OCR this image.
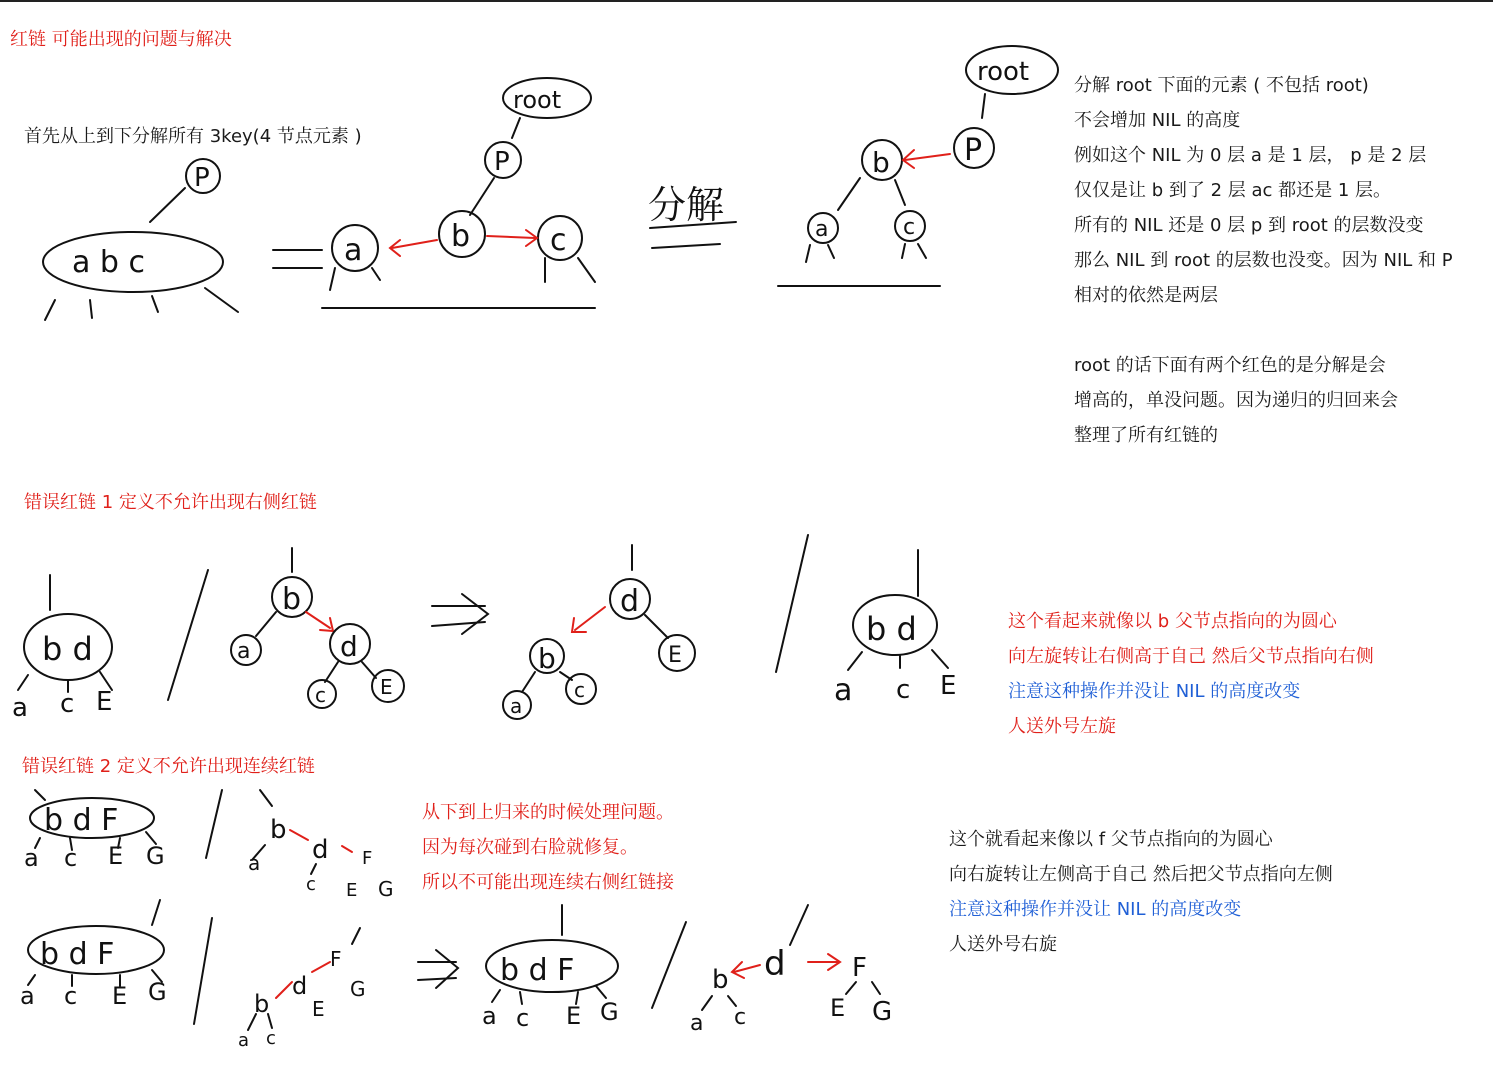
a b c
P
root
P
b
a	c
分解
root
P
b
a	c
b d
a c E
b
a	d
c	E
d
E
b
a
c
b d
a c E
b d F
a c E G
b
a d F
c E G
b d F
a c E G
F
d
b
a c
E
G
b d F
a c E G
d
b
a c
F
E G
红链 可能出现的问题与解决
首先从上到下分解所有 3key(4 节点元素 )
分解 root 下面的元素 ( 不包括 root)
不会增加 NIL 的高度
例如这个 NIL 为 0 层 a 是 1 层， p 是 2 层
仅仅是让 b 到了 2 层 ac 都还是 1 层。
所有的 NIL 还是 0 层 p 到 root 的层数没变
那么 NIL 到 root 的层数也没变。因为 NIL 和 P
相对的依然是两层
root 的话下面有两个红色的是分解是会
增高的，单没问题。因为递归的归回来会
整理了所有红链的
错误红链 1 定义不允许出现右侧红链
这个看起来就像以 b 父节点指向的为圆心
向左旋转让右侧高于自己 然后父节点指向右侧
注意这种操作并没让 NIL 的高度改变
人送外号左旋
错误红链 2 定义不允许出现连续红链
从下到上归来的时候处理问题。
因为每次碰到右脸就修复。
所以不可能出现连续右侧红链接
这个就看起来像以 f 父节点指向的为圆心
向右旋转让左侧高于自己 然后把父节点指向左侧
注意这种操作并没让 NIL 的高度改变
人送外号右旋
